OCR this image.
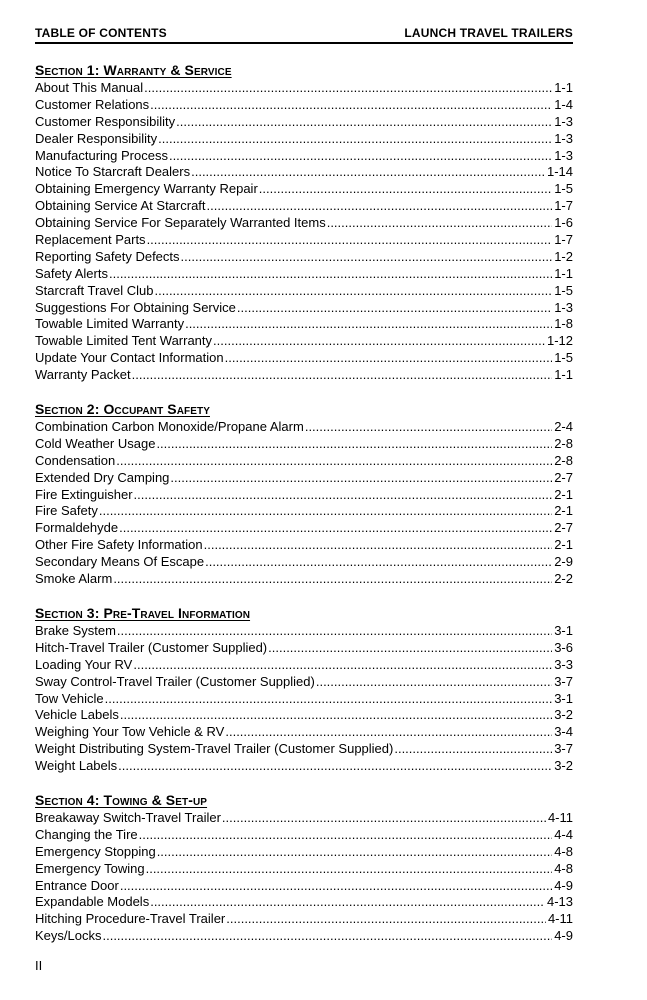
TABLE OF CONTENTS	LAUNCH TRAVEL TRAILERS
Section 1: Warranty & Service
About This Manual .....	1-1
Customer Relations .....	1-4
Customer Responsibility .....	1-3
Dealer Responsibility .....	1-3
Manufacturing Process .....	1-3
Notice To Starcraft Dealers .....	1-14
Obtaining Emergency Warranty Repair .....	1-5
Obtaining Service At Starcraft .....	1-7
Obtaining Service For Separately Warranted Items .....	1-6
Replacement Parts .....	1-7
Reporting Safety Defects .....	1-2
Safety Alerts .....	1-1
Starcraft Travel Club .....	1-5
Suggestions For Obtaining Service .....	1-3
Towable Limited Warranty .....	1-8
Towable Limited Tent Warranty .....	1-12
Update Your Contact Information .....	1-5
Warranty Packet .....	1-1
Section 2: Occupant Safety
Combination Carbon Monoxide/Propane Alarm .....	2-4
Cold Weather Usage .....	2-8
Condensation .....	2-8
Extended Dry Camping .....	2-7
Fire Extinguisher .....	2-1
Fire Safety .....	2-1
Formaldehyde .....	2-7
Other Fire Safety Information .....	2-1
Secondary Means Of Escape .....	2-9
Smoke Alarm .....	2-2
Section 3: Pre-Travel Information
Brake System .....	3-1
Hitch-Travel Trailer (Customer Supplied) .....	3-6
Loading Your RV .....	3-3
Sway Control-Travel Trailer (Customer Supplied) .....	3-7
Tow Vehicle .....	3-1
Vehicle Labels .....	3-2
Weighing Your Tow Vehicle & RV .....	3-4
Weight Distributing System-Travel Trailer (Customer Supplied) .....	3-7
Weight Labels .....	3-2
Section 4: Towing & Set-up
Breakaway Switch-Travel Trailer .....	4-11
Changing the Tire .....	4-4
Emergency Stopping .....	4-8
Emergency Towing .....	4-8
Entrance Door .....	4-9
Expandable Models .....	4-13
Hitching Procedure-Travel Trailer .....	4-11
Keys/Locks .....	4-9
II
